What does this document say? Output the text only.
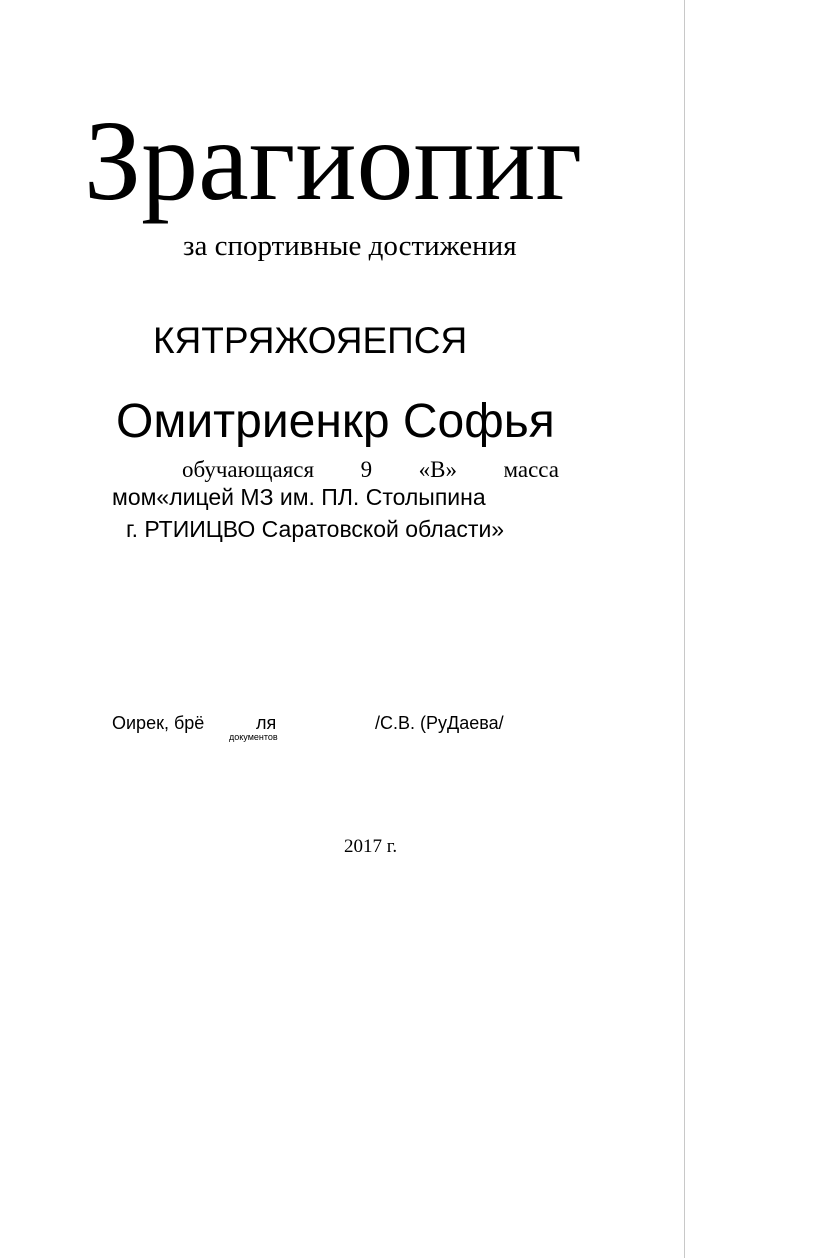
Зрагиопиг
за спортивные достижения
КЯТРЯЖОЯЕПСЯ
Омитриенкр Софья
обучающаяся 9 «В» масса
мом«лицей МЗ им. ПЛ. Столыпина
г. РТИИЦВО Саратовской области»
Оирек, брё	ля
документов
/С.В. (РуДаева/
2017 г.
